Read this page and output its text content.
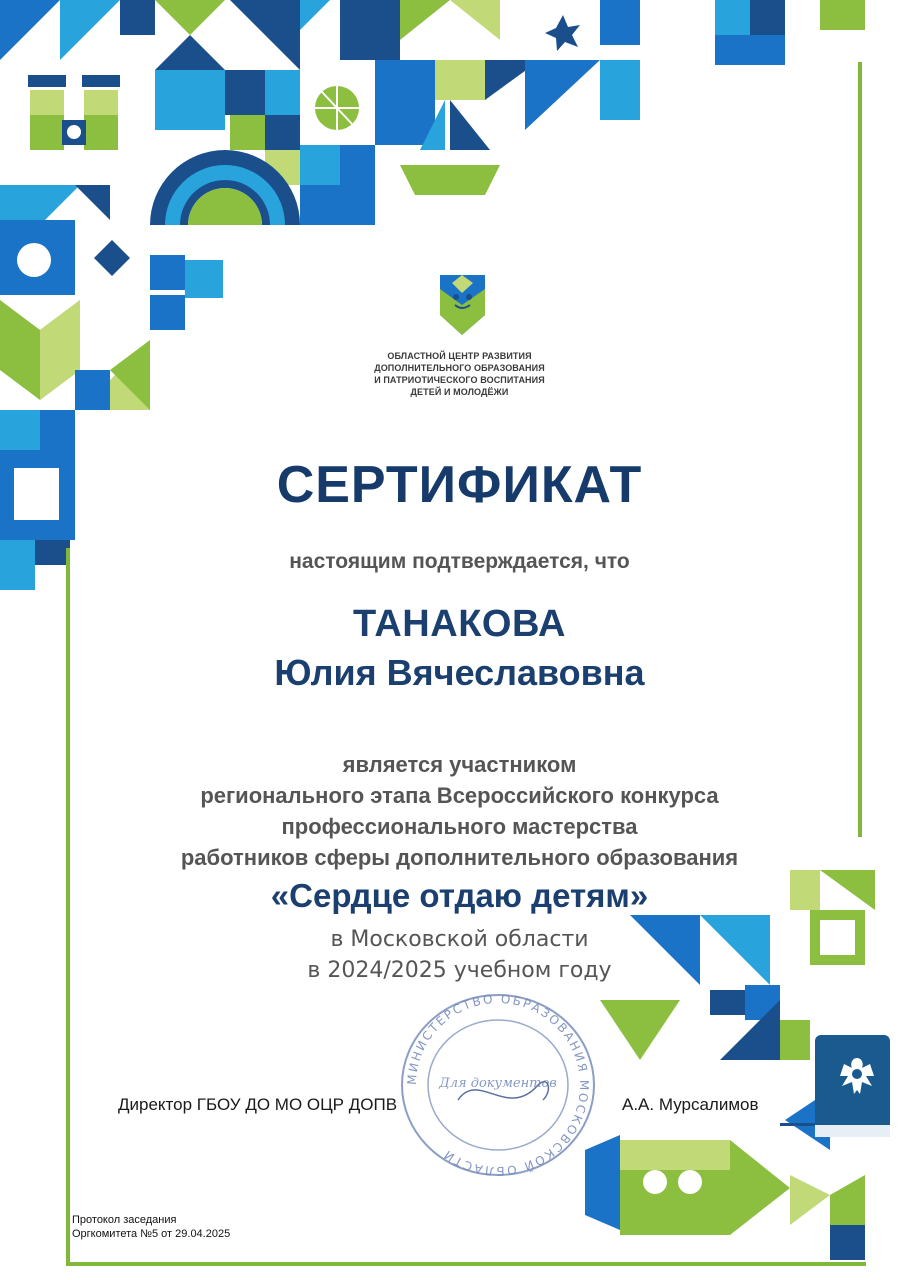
ОБЛАСТНОЙ ЦЕНТР РАЗВИТИЯ
ДОПОЛНИТЕЛЬНОГО ОБРАЗОВАНИЯ
И ПАТРИОТИЧЕСКОГО ВОСПИТАНИЯ
ДЕТЕЙ И МОЛОДЁЖИ
СЕРТИФИКАТ
настоящим подтверждается, что
ТАНАКОВА
Юлия Вячеславовна
является участником
регионального этапа Всероссийского конкурса
профессионального мастерства
работников сферы дополнительного образования
«Сердце отдаю детям»
в Московской области
в 2024/2025 учебном году
МИНИСТЕРСТВО ОБРАЗОВАНИЯ МОСКОВСКОЙ ОБЛАСТИ
Для документов
Директор ГБОУ ДО МО ОЦР ДОПВ	А.А. Мурсалимов
Протокол заседания
Оргкомитета №5 от 29.04.2025
